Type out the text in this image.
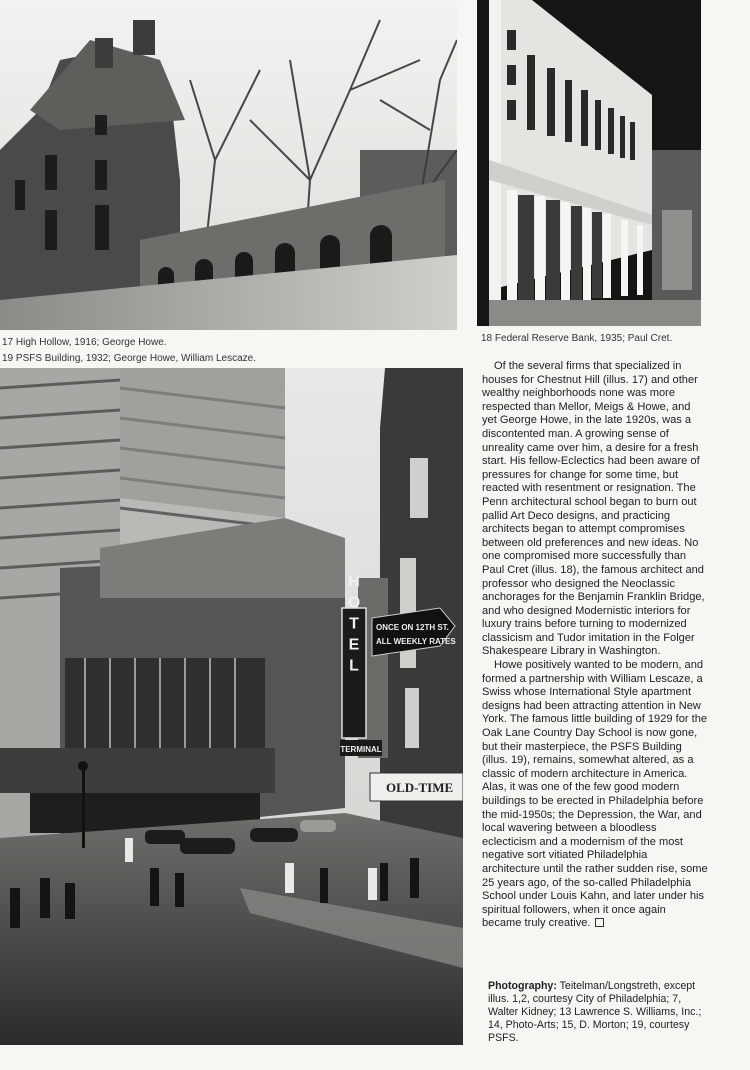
17 High Hollow, 1916; George Howe.	18 Federal Reserve Bank, 1935; Paul Cret.
19 PSFS Building, 1932; George Howe, William Lescaze.
HOTEL
TERMINAL
ONCE ON 12TH ST.
ALL WEEKLY RATES
OLD-TIME

Of the several firms that specialized in houses for Chestnut Hill (illus. 17) and other wealthy neighborhoods none was more respected than Mellor, Meigs & Howe, and yet George Howe, in the late 1920s, was a discontented man. A growing sense of unreality came over him, a desire for a fresh start. His fellow-Eclectics had been aware of pressures for change for some time, but reacted with resentment or resignation. The Penn architectural school began to burn out pallid Art Deco designs, and practicing architects began to attempt compromises between old preferences and new ideas. No one compromised more successfully than Paul Cret (illus. 18), the famous architect and professor who designed the Neoclassic anchorages for the Benjamin Franklin Bridge, and who designed Modernistic interiors for luxury trains before turning to modernized classicism and Tudor imitation in the Folger Shakespeare Library in Washington.

Howe positively wanted to be modern, and formed a partnership with William Lescaze, a Swiss whose International Style apartment designs had been attracting attention in New York. The famous little building of 1929 for the Oak Lane Country Day School is now gone, but their masterpiece, the PSFS Building (illus. 19), remains, somewhat altered, as a classic of modern architecture in America. Alas, it was one of the few good modern buildings to be erected in Philadelphia before the mid-1950s; the Depression, the War, and local wavering between a bloodless eclecticism and a modernism of the most negative sort vitiated Philadelphia architecture until the rather sudden rise, some 25 years ago, of the so-called Philadelphia School under Louis Kahn, and later under his spiritual followers, when it once again became truly creative.

Photography: Teitelman/Longstreth, except illus. 1,2, courtesy City of Philadelphia; 7, Walter Kidney; 13 Lawrence S. Williams, Inc.; 14, Photo-Arts; 15, D. Morton; 19, courtesy PSFS.
